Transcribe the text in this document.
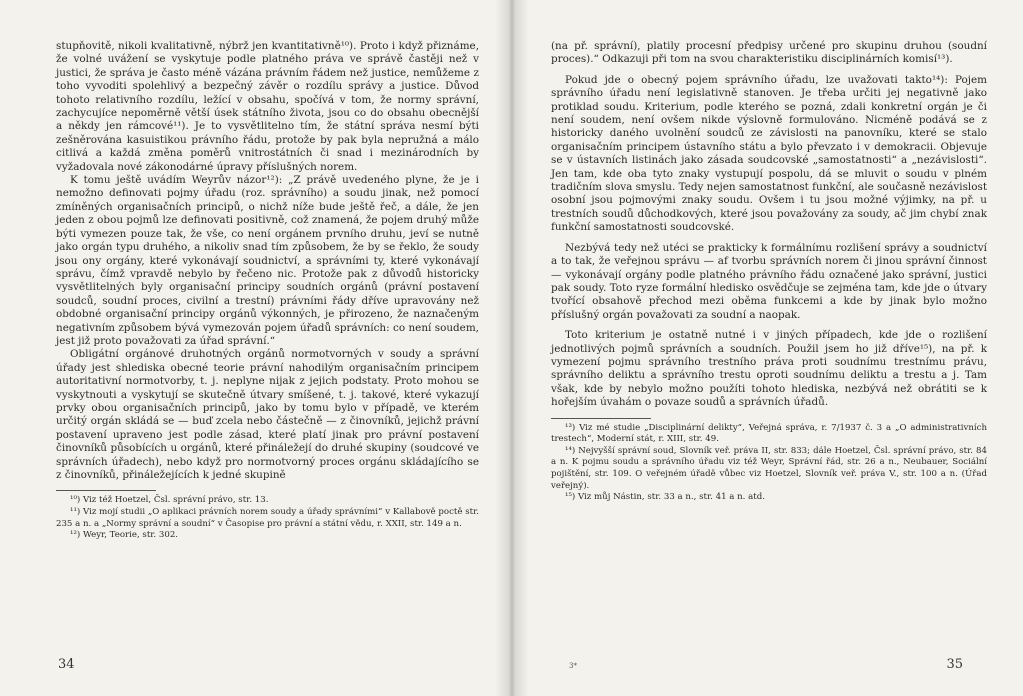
stupňovitě, nikoli kvalitativně, nýbrž jen kvantitativně¹⁰). Proto i když přiznáme, že volné uvážení se vyskytuje podle platného práva ve správě častěji než v justici, že správa je často méně vázána právním řádem než justice, nemůžeme z toho vyvoditi spolehlivý a bezpečný závěr o rozdílu správy a justice. Důvod tohoto relativního rozdílu, ležící v obsahu, spočívá v tom, že normy správní, zachycujíce nepoměrně větší úsek státního života, jsou co do obsahu obecnější a někdy jen rámcové¹¹). Je to vysvětlitelno tím, že státní správa nesmí býti zešněrována kasuistikou právního řádu, protože by pak byla nepružná a málo citlivá a každá změna poměrů vnitrostátních či snad i mezinárodních by vyžadovala nové zákonodárné úpravy příslušných norem.

K tomu ještě uvádím Weyrův názor¹²): „Z právě uvedeného plyne, že je i nemožno definovati pojmy úřadu (roz. správního) a soudu jinak, než pomocí zmíněných organisačních principů, o nichž níže bude ještě řeč, a dále, že jen jeden z obou pojmů lze definovati positivně, což znamená, že pojem druhý může býti vymezen pouze tak, že vše, co není orgánem prvního druhu, jeví se nutně jako orgán typu druhého, a nikoliv snad tím způsobem, že by se řeklo, že soudy jsou ony orgány, které vykonávají soudnictví, a správními ty, které vykonávají správu, čímž vpravdě nebylo by řečeno nic. Protože pak z důvodů historicky vysvětlitelných byly organisační principy soudních orgánů (právní postavení soudců, soudní proces, civilní a trestní) právními řády dříve upravovány než obdobné organisační principy orgánů výkonných, je přirozeno, že naznačeným negativním způsobem bývá vymezován pojem úřadů správních: co není soudem, jest již proto považovati za úřad správní.“

Obligátní orgánové druhotných orgánů normotvorných v soudy a správní úřady jest shlediska obecné teorie právní nahodilým organisačním principem autoritativní normotvorby, t. j. neplyne nijak z jejich podstaty. Proto mohou se vyskytnouti a vyskytují se skutečně útvary smíšené, t. j. takové, které vykazují prvky obou organisačních principů, jako by tomu bylo v případě, ve kterém určitý orgán skládá se — buď zcela nebo částečně — z činovníků, jejichž právní postavení upraveno jest podle zásad, které platí jinak pro právní postavení činovníků působících u orgánů, které přináležejí do druhé skupiny (soudcové ve správních úřadech), nebo když pro normotvorný proces orgánu skládajícího se z činovníků, přináležejících k jedné skupině

¹⁰) Viz též Hoetzel, Čsl. správní právo, str. 13.

¹¹) Viz mojí studii „O aplikaci právních norem soudy a úřady správními“ v Kallabově poctě str. 235 a n. a „Normy správní a soudní“ v Časopise pro právní a státní vědu, r. XXII, str. 149 a n.

¹²) Weyr, Teorie, str. 302.

34

(na př. správní), platily procesní předpisy určené pro skupinu druhou (soudní proces).“ Odkazuji při tom na svou charakteristiku disciplinárních komisí¹³).

Pokud jde o obecný pojem správního úřadu, lze uvažovati takto¹⁴): Pojem správního úřadu není legislativně stanoven. Je třeba určiti jej negativně jako protiklad soudu. Kriterium, podle kterého se pozná, zdali konkretní orgán je či není soudem, není ovšem nikde výslovně formulováno. Nicméně podává se z historicky daného uvolnění soudců ze závislosti na panovníku, které se stalo organisačním principem ústavního státu a bylo převzato i v demokracii. Objevuje se v ústavních listinách jako zásada soudcovské „samostatnosti“ a „nezávislosti“. Jen tam, kde oba tyto znaky vystupují pospolu, dá se mluvit o soudu v plném tradičním slova smyslu. Tedy nejen samostatnost funkční, ale současně nezávislost osobní jsou pojmovými znaky soudu. Ovšem i tu jsou možné výjimky, na př. u trestních soudů důchodkových, které jsou považovány za soudy, ač jim chybí znak funkční samostatnosti soudcovské.

Nezbývá tedy než utéci se prakticky k formálnímu rozlišení správy a soudnictví a to tak, že veřejnou správu — af tvorbu správních norem či jinou správní činnost — vykonávají orgány podle platného právního řádu označené jako správní, justici pak soudy. Toto ryze formální hledisko osvědčuje se zejména tam, kde jde o útvary tvořící obsahově přechod mezi oběma funkcemi a kde by jinak bylo možno příslušný orgán považovati za soudní a naopak.

Toto kriterium je ostatně nutné i v jiných případech, kde jde o rozlišení jednotlivých pojmů správních a soudních. Použil jsem ho již dříve¹⁵), na př. k vymezení pojmu správního trestního práva proti soudnímu trestnímu právu, správního deliktu a správního trestu oproti soudnímu deliktu a trestu a j. Tam však, kde by nebylo možno použíti tohoto hlediska, nezbývá než obrátiti se k hořejším úvahám o povaze soudů a správních úřadů.

¹³) Viz mé studie „Disciplinární delikty“, Veřejná správa, r. 7/1937 č. 3 a „O administrativních trestech“, Moderní stát, r. XIII, str. 49.

¹⁴) Nejvyšší správní soud, Slovník veř. práva II, str. 833; dále Hoetzel, Čsl. správní právo, str. 84 a n. K pojmu soudu a správního úřadu viz též Weyr, Správní řád, str. 26 a n., Neubauer, Sociální pojištění, str. 109. O veřejném úřadě vůbec viz Hoetzel, Slovník veř. práva V., str. 100 a n. (Úřad veřejný).

¹⁵) Viz můj Nástin, str. 33 a n., str. 41 a n. atd.

3*	35
